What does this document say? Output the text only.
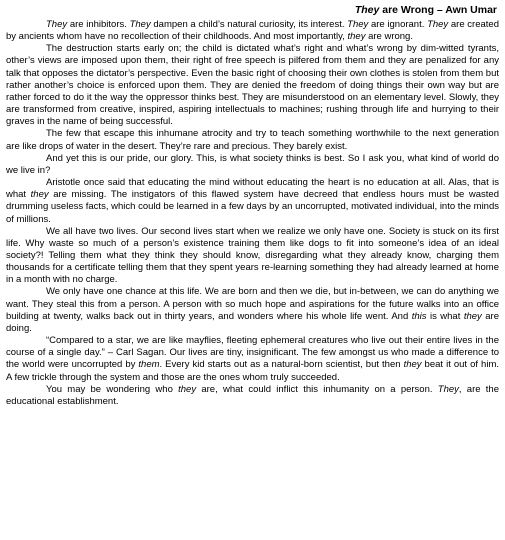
They are Wrong – Awn Umar

They are inhibitors. They dampen a child’s natural curiosity, its interest. They are ignorant. They are created by ancients whom have no recollection of their childhoods. And most importantly, they are wrong.

The destruction starts early on; the child is dictated what’s right and what’s wrong by dim-witted tyrants, other’s views are imposed upon them, their right of free speech is pilfered from them and they are penalized for any talk that opposes the dictator’s perspective. Even the basic right of choosing their own clothes is stolen from them but rather another’s choice is enforced upon them. They are denied the freedom of doing things their own way but are rather forced to do it the way the oppressor thinks best. They are misunderstood on an elementary level. Slowly, they are transformed from creative, inspired, aspiring intellectuals to machines; rushing through life and hurrying to their graves in the name of being successful.

The few that escape this inhumane atrocity and try to teach something worthwhile to the next generation are like drops of water in the desert. They’re rare and precious. They barely exist.

And yet this is our pride, our glory. This, is what society thinks is best. So I ask you, what kind of world do we live in?

Aristotle once said that educating the mind without educating the heart is no education at all. Alas, that is what they are missing. The instigators of this flawed system have decreed that endless hours must be wasted drumming useless facts, which could be learned in a few days by an uncorrupted, motivated individual, into the minds of millions.

We all have two lives. Our second lives start when we realize we only have one. Society is stuck on its first life. Why waste so much of a person’s existence training them like dogs to fit into someone’s idea of an ideal society?! Telling them what they think they should know, disregarding what they already know, charging them thousands for a certificate telling them that they spent years re-learning something they had already learned at home in a month with no charge.

We only have one chance at this life. We are born and then we die, but in-between, we can do anything we want. They steal this from a person. A person with so much hope and aspirations for the future walks into an office building at twenty, walks back out in thirty years, and wonders where his whole life went. And this is what they are doing.

“Compared to a star, we are like mayflies, fleeting ephemeral creatures who live out their entire lives in the course of a single day.” – Carl Sagan. Our lives are tiny, insignificant. The few amongst us who made a difference to the world were uncorrupted by them. Every kid starts out as a natural-born scientist, but then they beat it out of him. A few trickle through the system and those are the ones whom truly succeeded.

You may be wondering who they are, what could inflict this inhumanity on a person. They, are the educational establishment.
